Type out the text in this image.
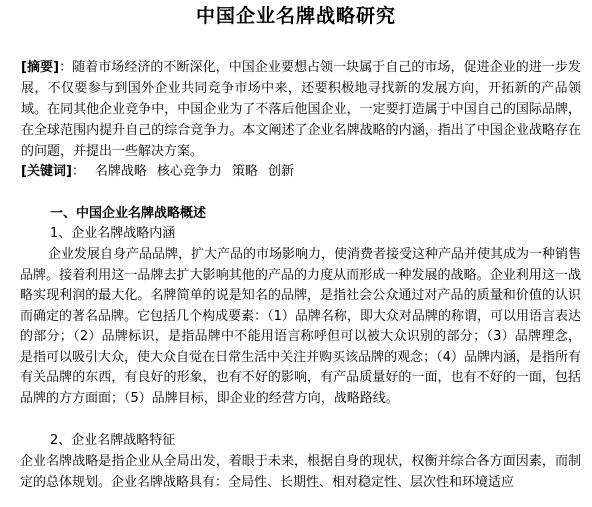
中国企业名牌战略研究
[摘要]：随着市场经济的不断深化，中国企业要想占领一块属于自己的市场，促进企业的进一步发展，不仅要参与到国外企业共同竞争市场中来，还要积极地寻找新的发展方向，开拓新的产品领域。在同其他企业竞争中，中国企业为了不落后他国企业，一定要打造属于中国自己的国际品牌，在全球范围内提升自己的综合竞争力。本文阐述了企业名牌战略的内涵，指出了中国企业战略存在的问题，并提出一些解决方案。
[关键词]： 名牌战略 核心竞争力 策略 创新
一、中国企业名牌战略概述
1、企业名牌战略内涵
企业发展自身产品品牌，扩大产品的市场影响力，使消费者接受这种产品并使其成为一种销售品牌。接着利用这一品牌去扩大影响其他的产品的力度从而形成一种发展的战略。企业利用这一战略实现利润的最大化。名牌简单的说是知名的品牌，是指社会公众通过对产品的质量和价值的认识而确定的著名品牌。它包括几个构成要素：（1）品牌名称，即大众对品牌的称谓，可以用语言表达的部分；（2）品牌标识，是指品牌中不能用语言称呼但可以被大众识别的部分；（3）品牌理念，是指可以吸引大众，使大众自觉在日常生活中关注并购买该品牌的观念；（4）品牌内涵，是指所有有关品牌的东西，有良好的形象，也有不好的影响，有产品质量好的一面，也有不好的一面，包括品牌的方方面面；（5）品牌目标，即企业的经营方向，战略路线。
2、企业名牌战略特征
企业名牌战略是指企业从全局出发，着眼于未来，根据自身的现状，权衡并综合各方面因素，而制定的总体规划。企业名牌战略具有：全局性、长期性、相对稳定性、层次性和环境适应
